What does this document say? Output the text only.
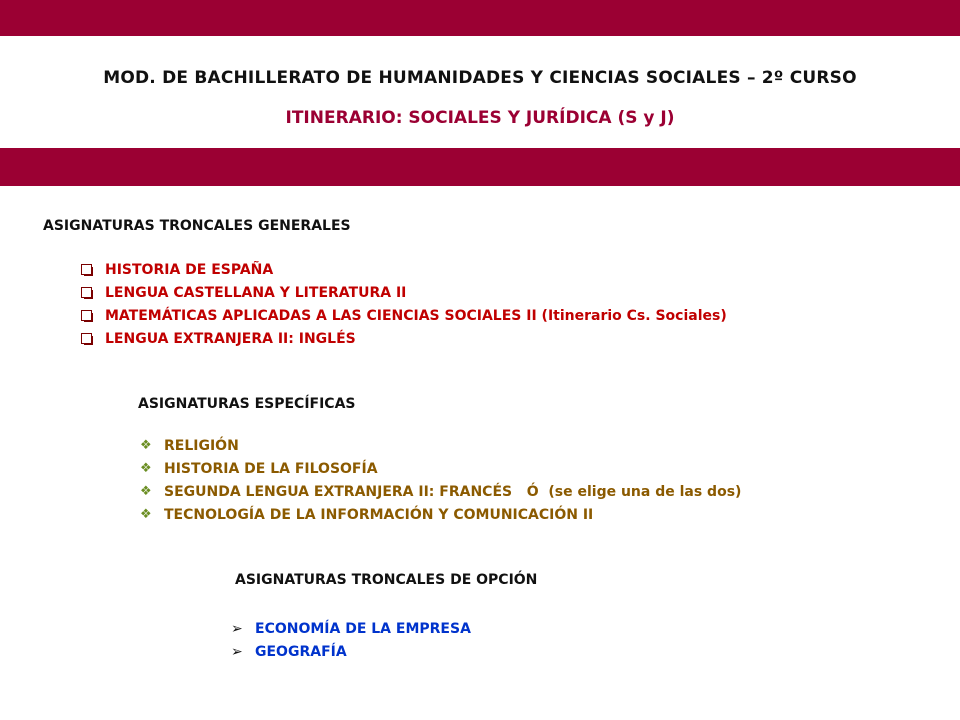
MOD. DE BACHILLERATO DE HUMANIDADES Y CIENCIAS SOCIALES – 2º CURSO
ITINERARIO: SOCIALES Y JURÍDICA (S y J)
ASIGNATURAS TRONCALES GENERALES
HISTORIA DE ESPAÑA
LENGUA CASTELLANA Y LITERATURA II
MATEMÁTICAS APLICADAS A LAS CIENCIAS SOCIALES II (Itinerario Cs. Sociales)
LENGUA EXTRANJERA II: INGLÉS
ASIGNATURAS ESPECÍFICAS
❖ RELIGIÓN
❖ HISTORIA DE LA FILOSOFÍA
❖ SEGUNDA LENGUA EXTRANJERA II: FRANCÉS   Ó  (se elige una de las dos)
❖ TECNOLOGÍA DE LA INFORMACIÓN Y COMUNICACIÓN II
ASIGNATURAS TRONCALES DE OPCIÓN
➢ ECONOMÍA DE LA EMPRESA
➢ GEOGRAFÍA
